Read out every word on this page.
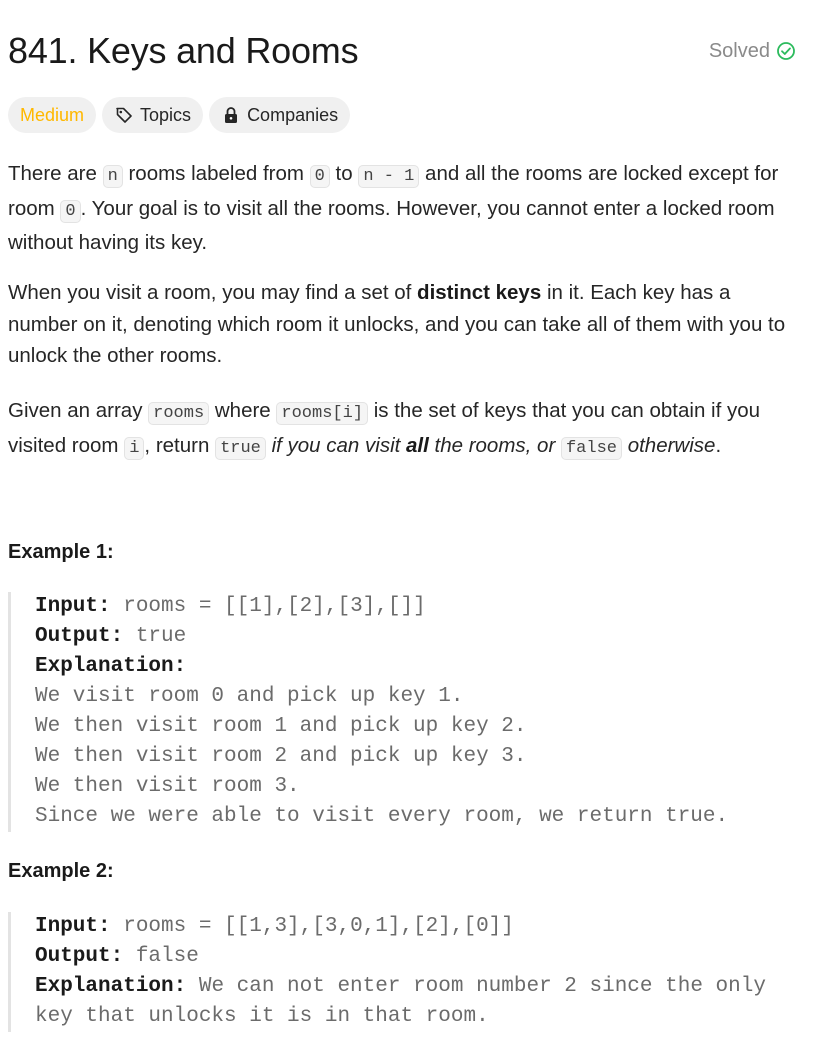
841. Keys and Rooms	Solved
Medium	Topics	Companies
There are n rooms labeled from 0 to n - 1 and all the rooms are locked except for room 0 . Your goal is to visit all the rooms. However, you cannot enter a locked room without having its key.
When you visit a room, you may find a set of distinct keys in it. Each key has a number on it, denoting which room it unlocks, and you can take all of them with you to unlock the other rooms.
Given an array rooms where rooms[i] is the set of keys that you can obtain if you visited room i , return true if you can visit all the rooms, or false otherwise.
Example 1:
Input: rooms = [[1],[2],[3],[]]
Output: true
Explanation:
We visit room 0 and pick up key 1.
We then visit room 1 and pick up key 2.
We then visit room 2 and pick up key 3.
We then visit room 3.
Since we were able to visit every room, we return true.
Example 2:
Input: rooms = [[1,3],[3,0,1],[2],[0]]
Output: false
Explanation: We can not enter room number 2 since the only
key that unlocks it is in that room.
